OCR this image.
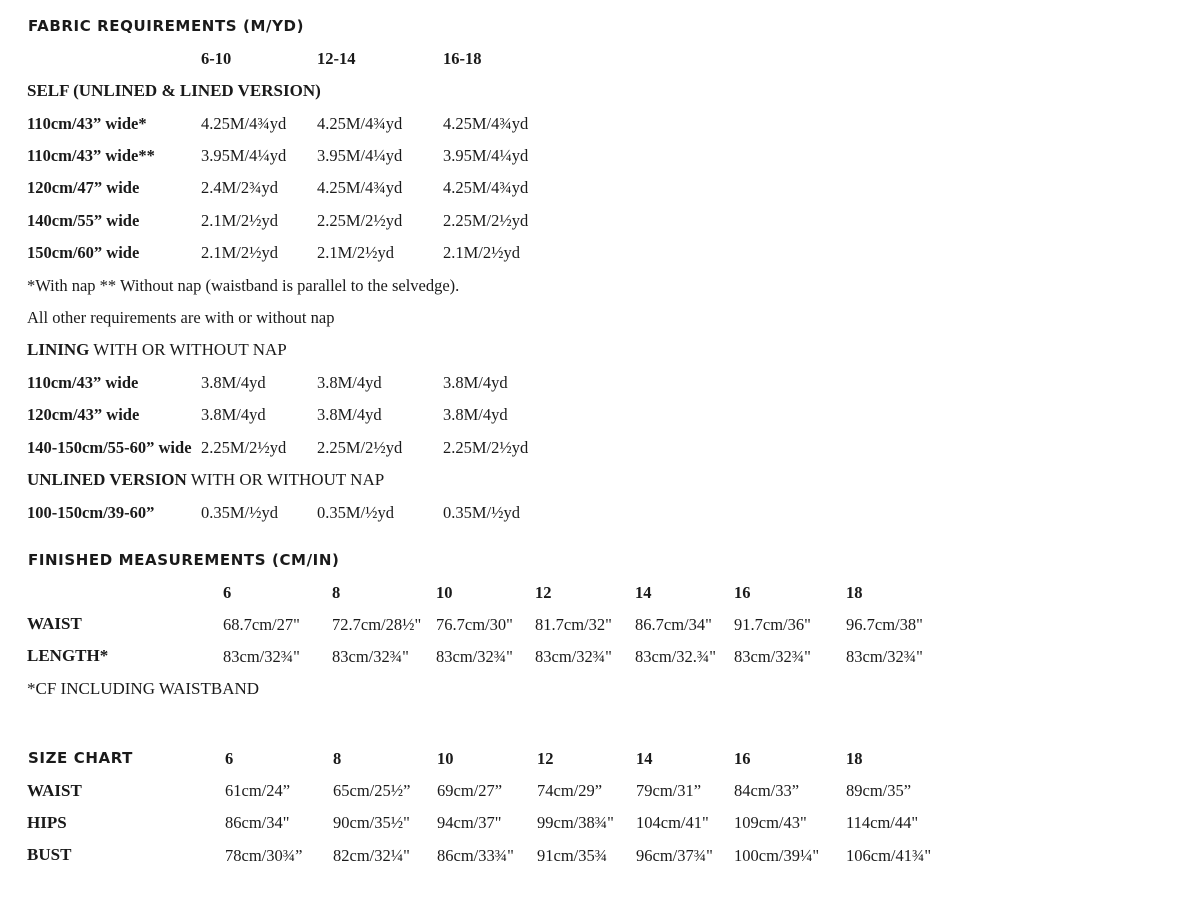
FABRIC REQUIREMENTS (M/YD)
6-10	12-14	16-18
SELF (UNLINED & LINED VERSION)
110cm/43” wide*	4.25M/4¾yd 4.25M/4¾yd 4.25M/4¾yd
110cm/43” wide**	3.95M/4¼yd 3.95M/4¼yd 3.95M/4¼yd
120cm/47” wide	2.4M/2¾yd 4.25M/4¾yd 4.25M/4¾yd
140cm/55” wide	2.1M/2½yd 2.25M/2½yd 2.25M/2½yd
150cm/60” wide	2.1M/2½yd 2.1M/2½yd	2.1M/2½yd
*With nap ** Without nap (waistband is parallel to the selvedge).
All other requirements are with or without nap
LINING WITH OR WITHOUT NAP
110cm/43” wide	3.8M/4yd	3.8M/4yd	3.8M/4yd
120cm/43” wide	3.8M/4yd	3.8M/4yd	3.8M/4yd
140-150cm/55-60” wide 2.25M/2½yd 2.25M/2½yd 2.25M/2½yd
UNLINED VERSION WITH OR WITHOUT NAP
100-150cm/39-60”	0.35M/½yd 0.35M/½yd	0.35M/½yd
FINISHED MEASUREMENTS (CM/IN)
6	8	10	12	14	16	18
WAIST	68.7cm/27" 72.7cm/28½" 76.7cm/30" 81.7cm/32" 86.7cm/34" 91.7cm/36" 96.7cm/38"
LENGTH*	83cm/32¾" 83cm/32¾" 83cm/32¾" 83cm/32¾" 83cm/32.¾" 83cm/32¾" 83cm/32¾"
*CF INCLUDING WAISTBAND
SIZE CHART	6	8	10	12	14	16	18
WAIST	61cm/24”	65cm/25½” 69cm/27” 74cm/29” 79cm/31” 84cm/33”	89cm/35”
HIPS	86cm/34"	90cm/35½" 94cm/37" 99cm/38¾" 104cm/41" 109cm/43" 114cm/44"
BUST	78cm/30¾” 82cm/32¼" 86cm/33¾" 91cm/35¾ 96cm/37¾" 100cm/39¼" 106cm/41¾"
